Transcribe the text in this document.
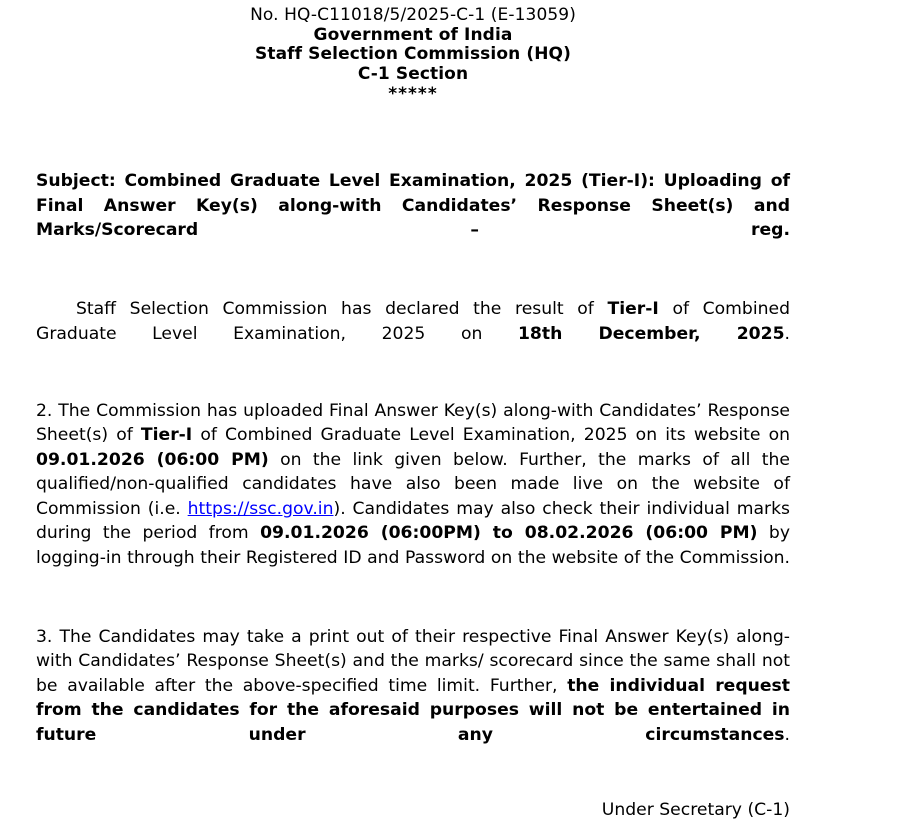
No. HQ-C11018/5/2025-C-1 (E-13059)
Government of India
Staff Selection Commission (HQ)
C-1 Section
*****
Subject: Combined Graduate Level Examination, 2025 (Tier-I): Uploading of Final Answer Key(s) along-with Candidates’ Response Sheet(s) and Marks/Scorecard – reg.
Staff Selection Commission has declared the result of Tier-I of Combined Graduate Level Examination, 2025 on 18th December, 2025.
2. The Commission has uploaded Final Answer Key(s) along-with Candidates’ Response Sheet(s) of Tier-I of Combined Graduate Level Examination, 2025 on its website on 09.01.2026 (06:00 PM) on the link given below. Further, the marks of all the qualified/non-qualified candidates have also been made live on the website of Commission (i.e. https://ssc.gov.in). Candidates may also check their individual marks during the period from 09.01.2026 (06:00PM) to 08.02.2026 (06:00 PM) by logging-in through their Registered ID and Password on the website of the Commission.
3. The Candidates may take a print out of their respective Final Answer Key(s) along-with Candidates’ Response Sheet(s) and the marks/ scorecard since the same shall not be available after the above-specified time limit. Further, the individual request from the candidates for the aforesaid purposes will not be entertained in future under any circumstances.
Under Secretary (C-1)
